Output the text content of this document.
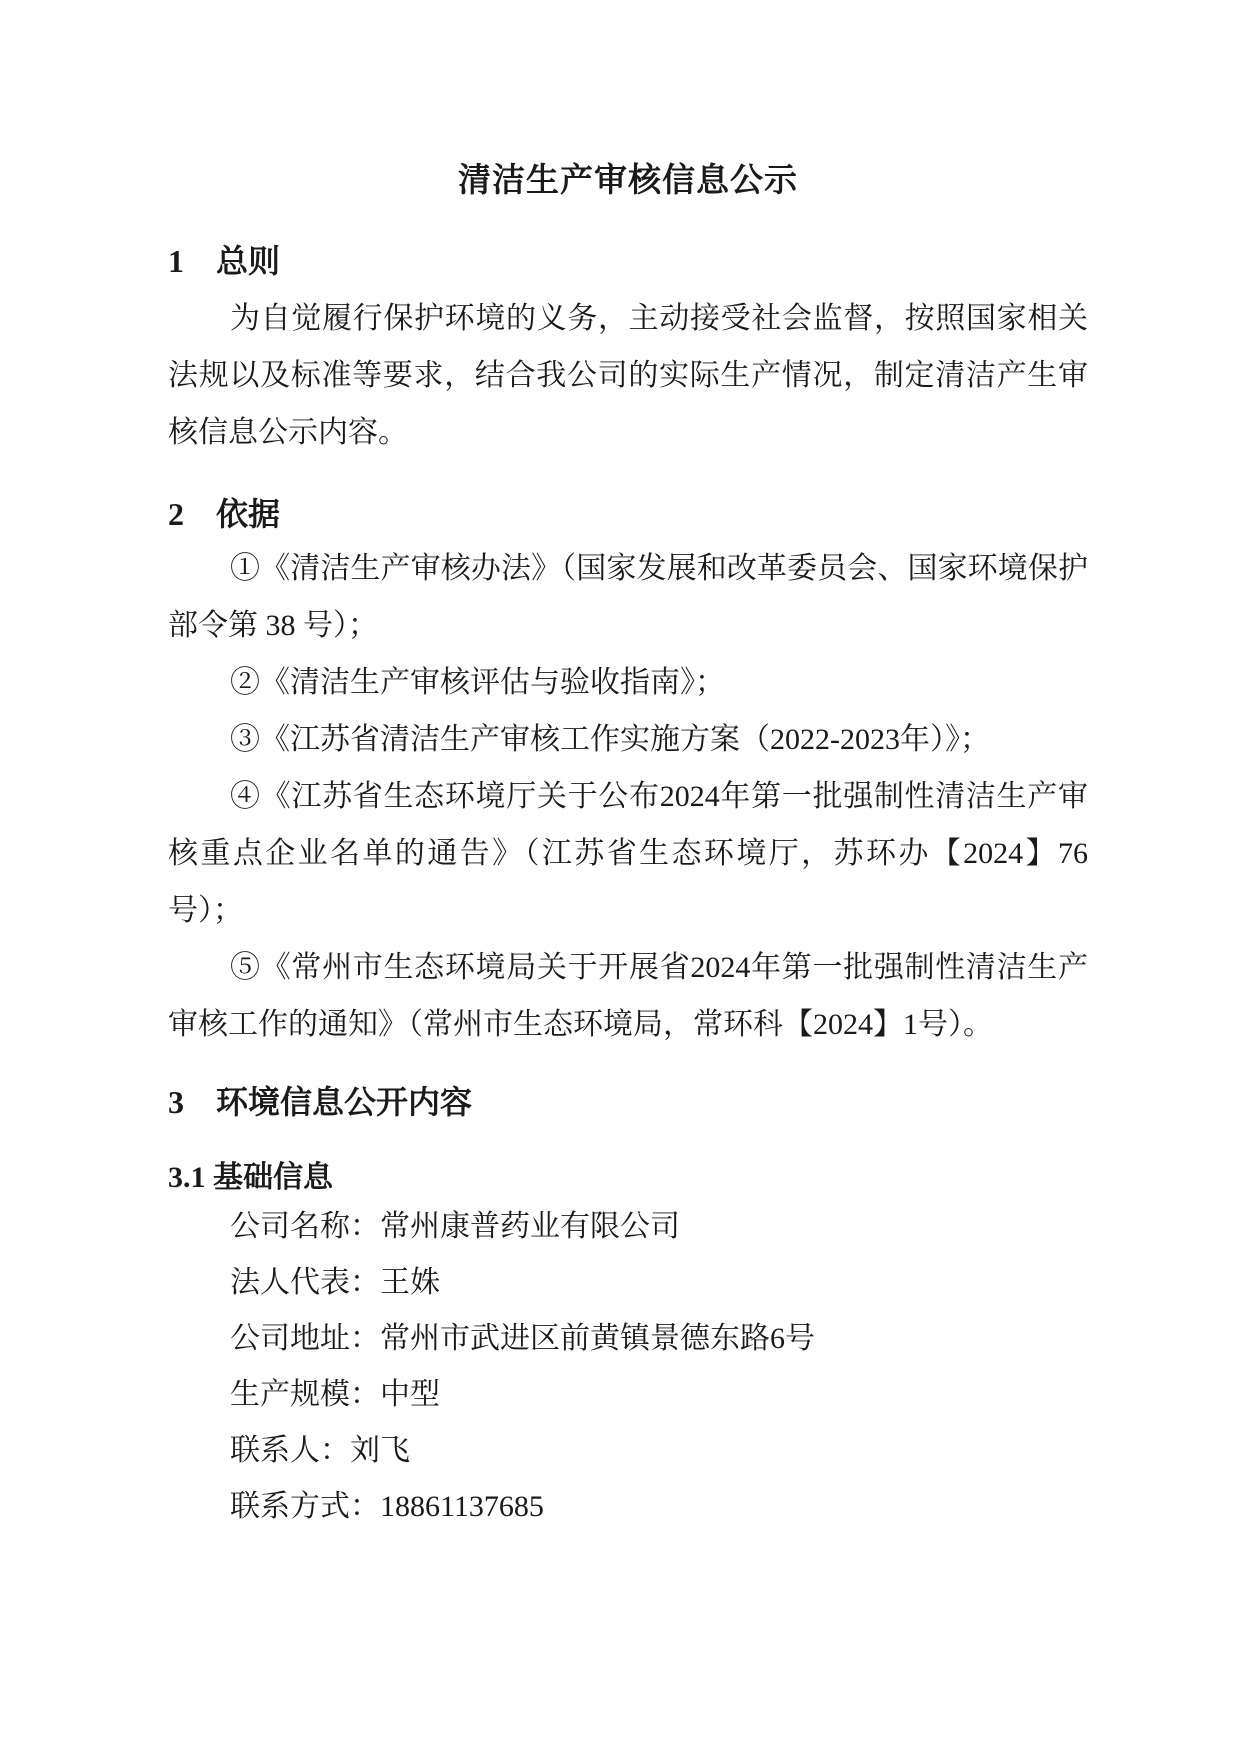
清洁生产审核信息公示
1　总则

为自觉履行保护环境的义务，主动接受社会监督，按照国家相关法规以及标准等要求，结合我公司的实际生产情况，制定清洁产生审核信息公示内容。

2　依据
①《清洁生产审核办法》（国家发展和改革委员会、国家环境保护部令第 38 号）；
②《清洁生产审核评估与验收指南》；
③《江苏省清洁生产审核工作实施方案（2022-2023年）》；
④《江苏省生态环境厅关于公布2024年第一批强制性清洁生产审核重点企业名单的通告》（江苏省生态环境厅，苏环办【2024】76号）；
⑤《常州市生态环境局关于开展省2024年第一批强制性清洁生产审核工作的通知》（常州市生态环境局，常环科【2024】1号）。
3　环境信息公开内容
3.1 基础信息
公司名称：常州康普药业有限公司
法人代表：王姝
公司地址：常州市武进区前黄镇景德东路6号
生产规模：中型
联系人：刘飞
联系方式：18861137685
